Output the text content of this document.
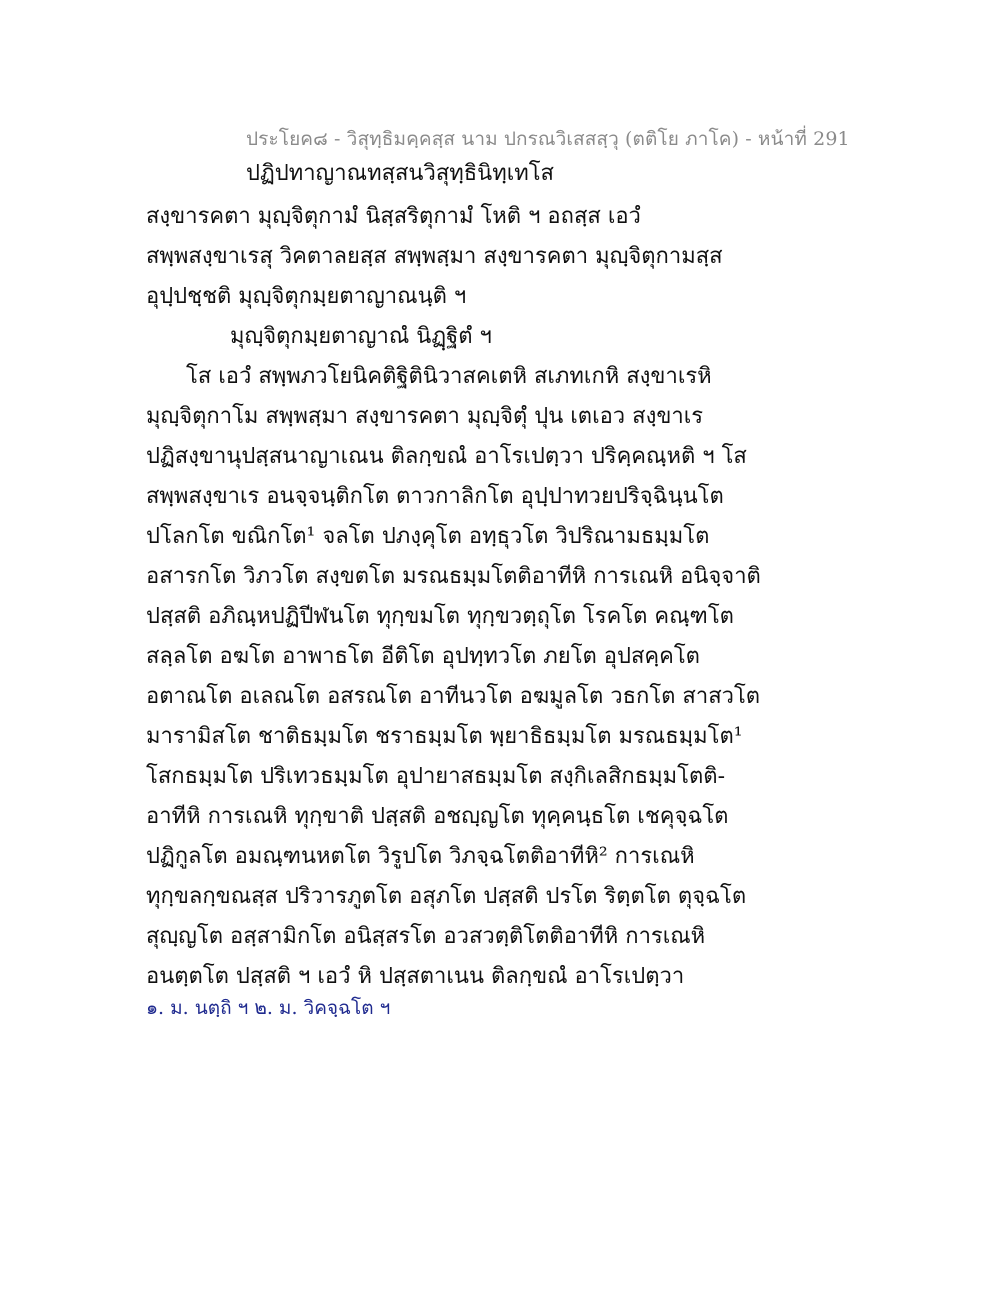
ประโยค๘ - วิสุทฺธิมคฺคสฺส นาม ปกรณวิเสสสฺวุ (ตติโย ภาโค) - หน้าที่ 291
ปฏิปทาญาณทสฺสนวิสุทฺธินิทฺเทโส
สงฺขารคตา มุญฺจิตุกามํ นิสฺสริตุกามํ โหติ ฯ อถสฺส เอวํ
สพฺพสงฺขาเรสุ วิคตาลยสฺส สพฺพสฺมา สงฺขารคตา มุญฺจิตุกามสฺส
อุปฺปชฺชติ มุญฺจิตุกมฺยตาญาณนฺติ ฯ
มุญฺจิตุกมฺยตาญาณํ นิฏฺฐิตํ ฯ
โส เอวํ สพฺพภวโยนิคติฐิตินิวาสคเตหิ สเภทเกหิ สงฺขาเรหิ
มุญฺจิตุกาโม สพฺพสฺมา สงฺขารคตา มุญฺจิตุํ ปุน เตเอว สงฺขาเร
ปฏิสงฺขานุปสฺสนาญาเณน ติลกฺขณํ อาโรเปตฺวา ปริคฺคณฺหติ ฯ โส
สพฺพสงฺขาเร อนจฺจนฺติกโต ตาวกาลิกโต อุปฺปาทวยปริจฺฉินฺนโต
ปโลกโต ขณิกโต¹ จลโต ปภงฺคุโต อทฺธุวโต วิปริณามธมฺมโต
อสารกโต วิภวโต สงฺขตโต มรณธมฺมโตติอาทีหิ การเณหิ อนิจฺจาติ
ปสฺสติ อภิณฺหปฏิปีฬนโต ทุกฺขมโต ทุกฺขวตฺถุโต โรคโต คณฺฑโต
สลฺลโต อฆโต อาพาธโต อีติโต อุปทฺทวโต ภยโต อุปสคฺคโต
อตาณโต อเลณโต อสรณโต อาทีนวโต อฆมูลโต วธกโต สาสวโต
มารามิสโต ชาติธมฺมโต ชราธมฺมโต พฺยาธิธมฺมโต มรณธมฺมโต¹
โสกธมฺมโต ปริเทวธมฺมโต อุปายาสธมฺมโต สงฺกิเลสิกธมฺมโตติ-
อาทีหิ การเณหิ ทุกฺขาติ ปสฺสติ อชญฺญโต ทุคฺคนฺธโต เชคุจฺฉโต
ปฏิกูลโต อมณฺฑนหตโต วิรูปโต วิภจฺฉโตติอาทีหิ² การเณหิ
ทุกฺขลกฺขณสฺส ปริวารภูตโต อสุภโต ปสฺสติ ปรโต ริตฺตโต ตุจฺฉโต
สุญฺญโต อสฺสามิกโต อนิสฺสรโต อวสวตฺติโตติอาทีหิ การเณหิ
อนตฺตโต ปสฺสติ ฯ เอวํ หิ ปสฺสตาเนน ติลกฺขณํ อาโรเปตฺวา
๑. ม. นตฺถิ ฯ ๒. ม. วิคจฺฉโต ฯ
